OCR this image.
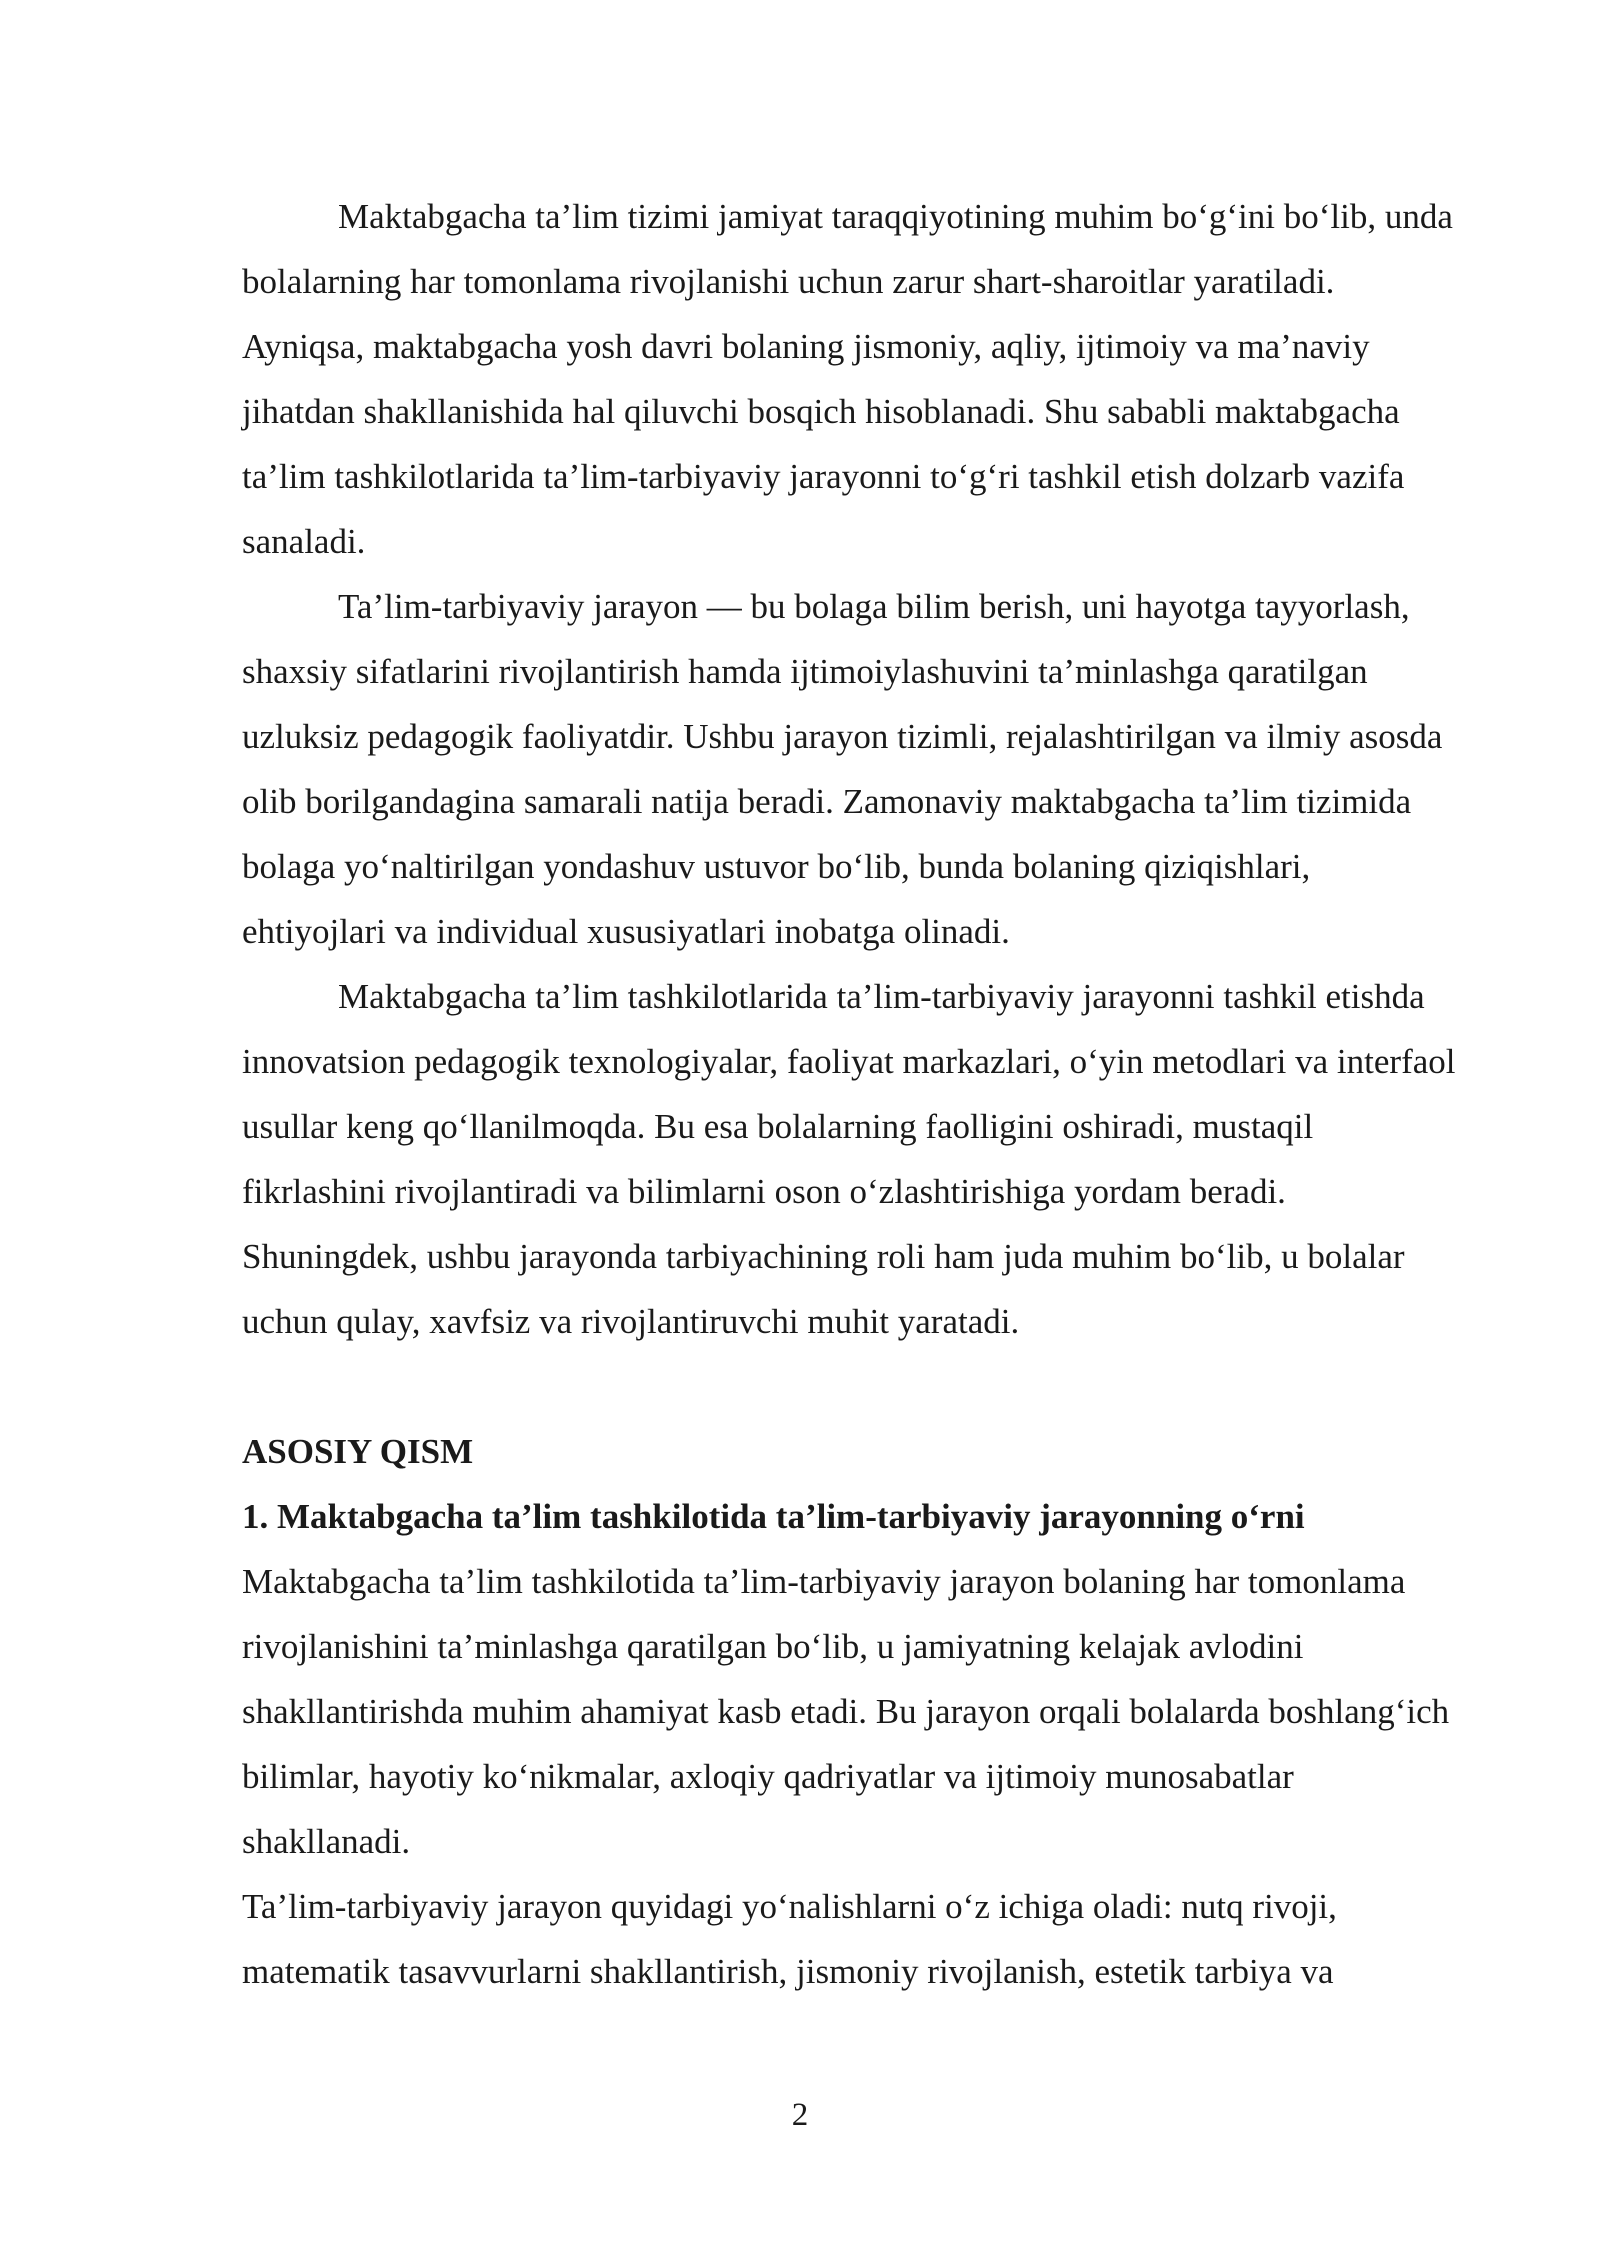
Maktabgacha ta’lim tizimi jamiyat taraqqiyotining muhim bo‘g‘ini bo‘lib, unda bolalarning har tomonlama rivojlanishi uchun zarur shart-sharoitlar yaratiladi. Ayniqsa, maktabgacha yosh davri bolaning jismoniy, aqliy, ijtimoiy va ma’naviy jihatdan shakllanishida hal qiluvchi bosqich hisoblanadi. Shu sababli maktabgacha ta’lim tashkilotlarida ta’lim-tarbiyaviy jarayonni to‘g‘ri tashkil etish dolzarb vazifa sanaladi.

Ta’lim-tarbiyaviy jarayon — bu bolaga bilim berish, uni hayotga tayyorlash, shaxsiy sifatlarini rivojlantirish hamda ijtimoiylashuvini ta’minlashga qaratilgan uzluksiz pedagogik faoliyatdir. Ushbu jarayon tizimli, rejalashtirilgan va ilmiy asosda olib borilgandagina samarali natija beradi. Zamonaviy maktabgacha ta’lim tizimida bolaga yo‘naltirilgan yondashuv ustuvor bo‘lib, bunda bolaning qiziqishlari, ehtiyojlari va individual xususiyatlari inobatga olinadi.

Maktabgacha ta’lim tashkilotlarida ta’lim-tarbiyaviy jarayonni tashkil etishda innovatsion pedagogik texnologiyalar, faoliyat markazlari, o‘yin metodlari va interfaol usullar keng qo‘llanilmoqda. Bu esa bolalarning faolligini oshiradi, mustaqil fikrlashini rivojlantiradi va bilimlarni oson o‘zlashtirishiga yordam beradi. Shuningdek, ushbu jarayonda tarbiyachining roli ham juda muhim bo‘lib, u bolalar uchun qulay, xavfsiz va rivojlantiruvchi muhit yaratadi.

ASOSIY QISM

1. Maktabgacha ta’lim tashkilotida ta’lim-tarbiyaviy jarayonning o‘rni

Maktabgacha ta’lim tashkilotida ta’lim-tarbiyaviy jarayon bolaning har tomonlama rivojlanishini ta’minlashga qaratilgan bo‘lib, u jamiyatning kelajak avlodini shakllantirishda muhim ahamiyat kasb etadi. Bu jarayon orqali bolalarda boshlang‘ich bilimlar, hayotiy ko‘nikmalar, axloqiy qadriyatlar va ijtimoiy munosabatlar shakllanadi.

Ta’lim-tarbiyaviy jarayon quyidagi yo‘nalishlarni o‘z ichiga oladi: nutq rivoji, matematik tasavvurlarni shakllantirish, jismoniy rivojlanish, estetik tarbiya va

2
